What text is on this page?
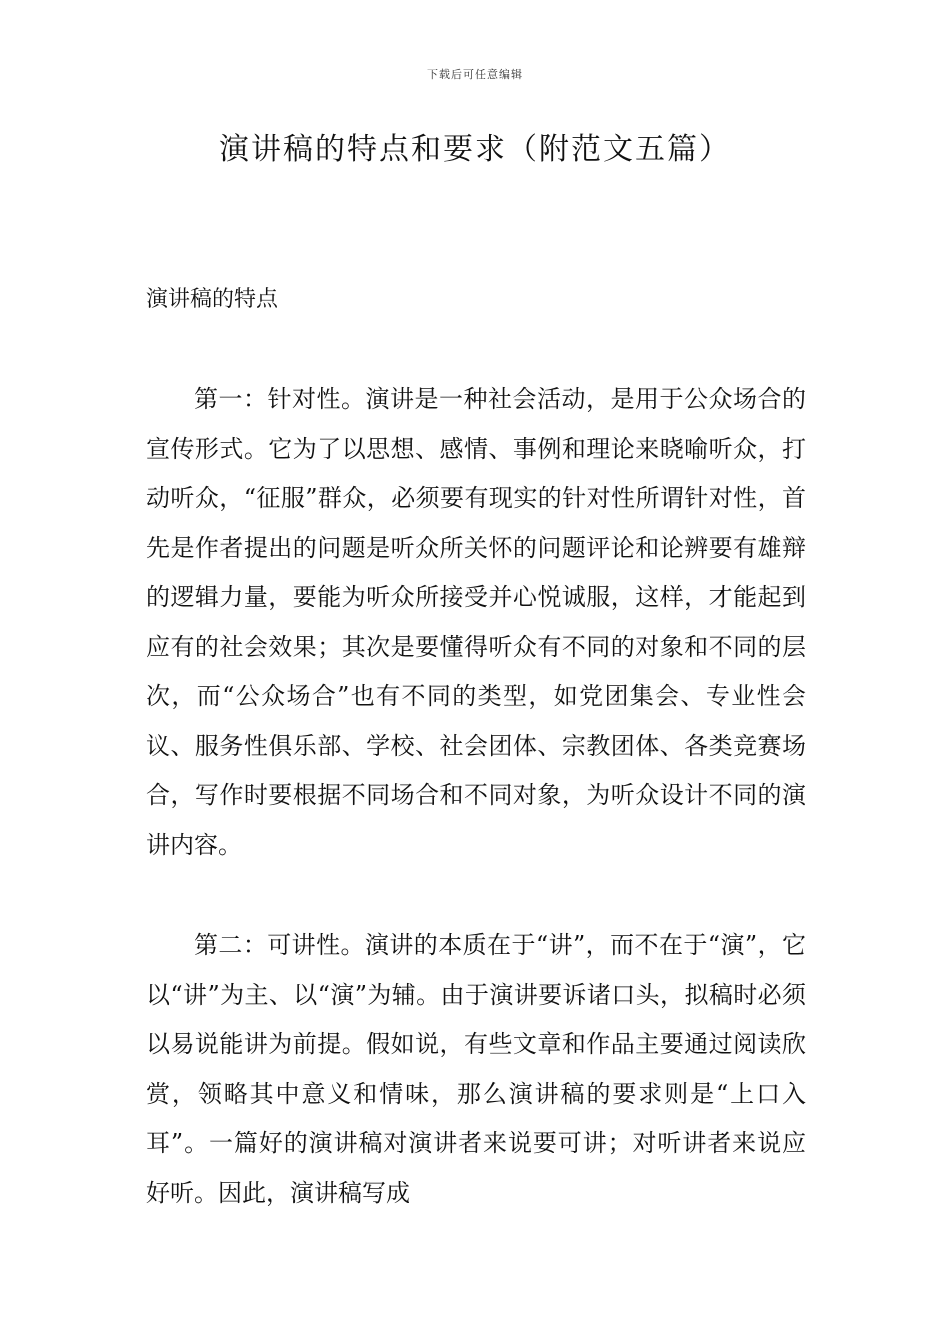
下载后可任意编辑
演讲稿的特点和要求（附范文五篇）
演讲稿的特点

第一：针对性。演讲是一种社会活动，是用于公众场合的宣传形式。它为了以思想、感情、事例和理论来晓喻听众，打动听众，“征服”群众，必须要有现实的针对性所谓针对性，首先是作者提出的问题是听众所关怀的问题评论和论辨要有雄辩的逻辑力量，要能为听众所接受并心悦诚服，这样，才能起到应有的社会效果；其次是要懂得听众有不同的对象和不同的层次，而“公众场合”也有不同的类型，如党团集会、专业性会议、服务性俱乐部、学校、社会团体、宗教团体、各类竞赛场合，写作时要根据不同场合和不同对象，为听众设计不同的演讲内容。

第二：可讲性。演讲的本质在于“讲”，而不在于“演”，它以“讲”为主、以“演”为辅。由于演讲要诉诸口头，拟稿时必须以易说能讲为前提。假如说，有些文章和作品主要通过阅读欣赏，领略其中意义和情味，那么演讲稿的要求则是“上口入耳”。一篇好的演讲稿对演讲者来说要可讲；对听讲者来说应好听。因此，演讲稿写成
